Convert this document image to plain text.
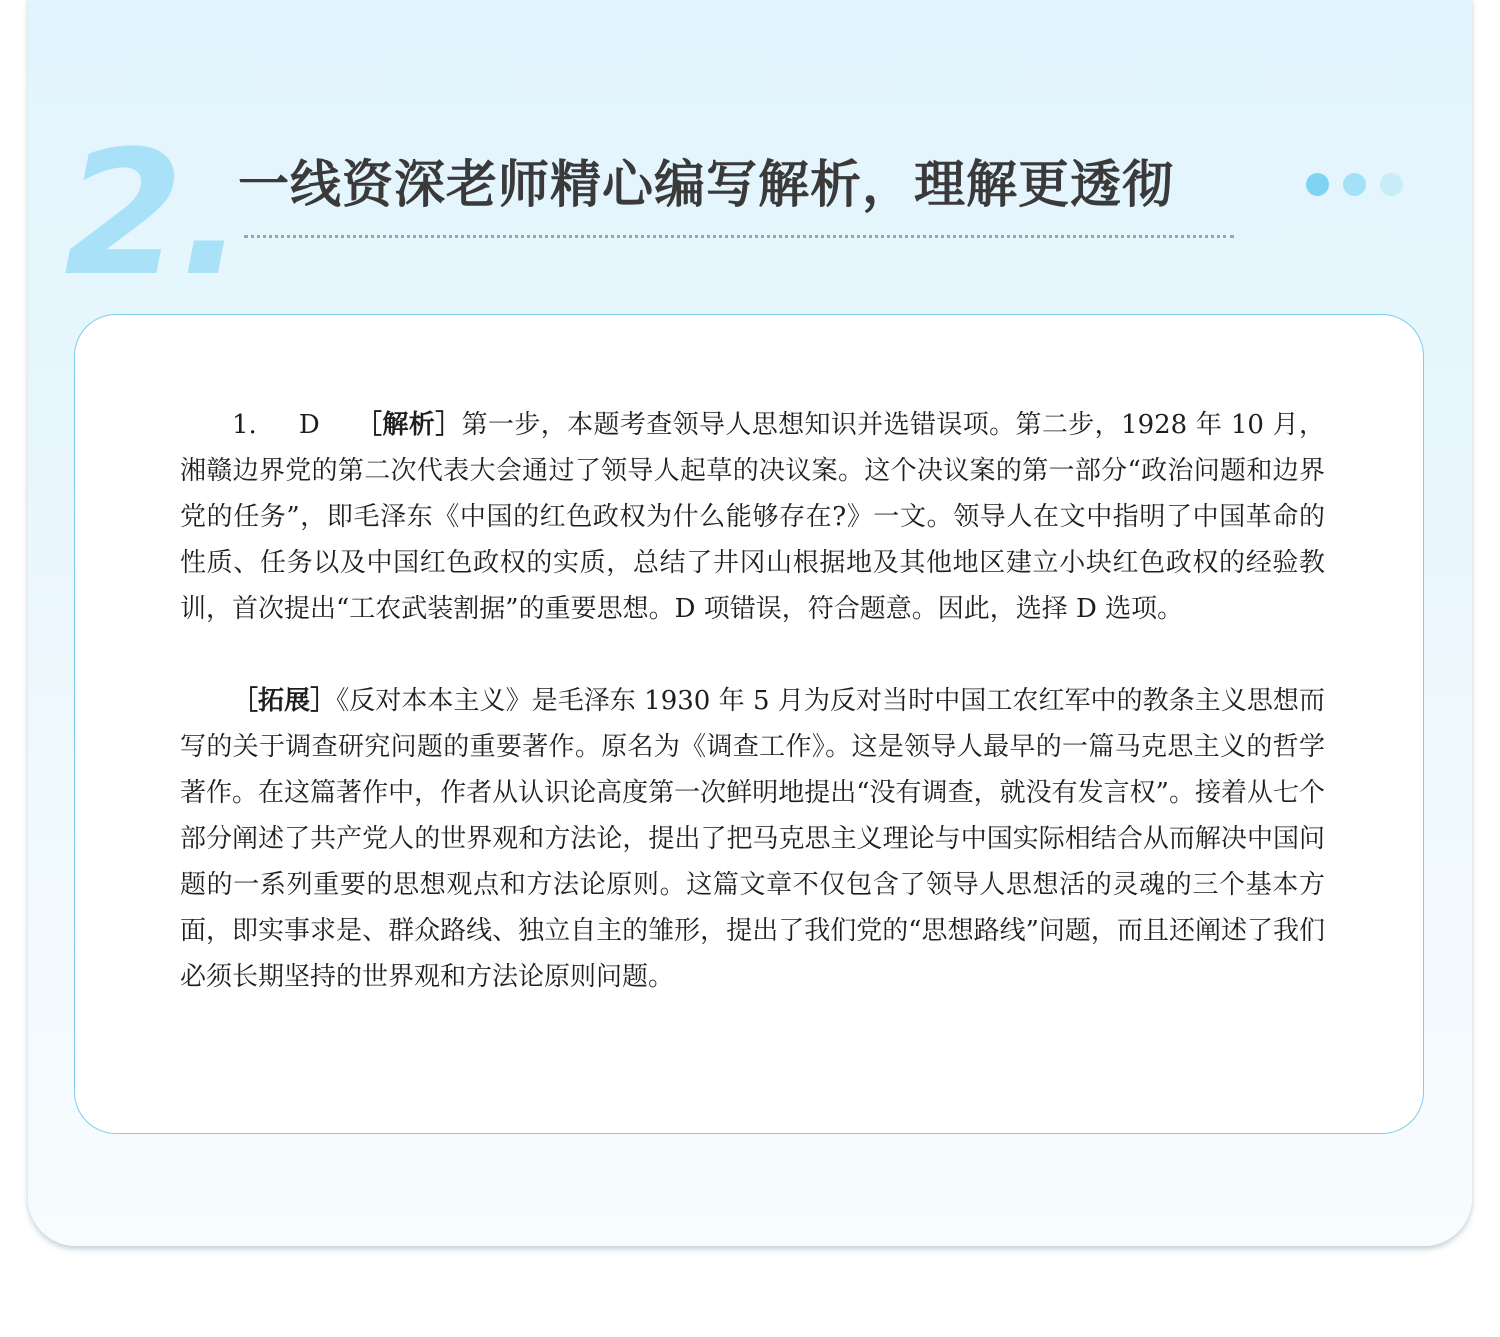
2.
一线资深老师精心编写解析，理解更透彻

1. D ［解析］第一步，本题考查领导人思想知识并选错误项。第二步，1928 年 10 月，湘赣边界党的第二次代表大会通过了领导人起草的决议案。这个决议案的第一部分“政治问题和边界党的任务”，即毛泽东《中国的红色政权为什么能够存在?》一文。领导人在文中指明了中国革命的性质、任务以及中国红色政权的实质，总结了井冈山根据地及其他地区建立小块红色政权的经验教训，首次提出“工农武装割据”的重要思想。D 项错误，符合题意。因此，选择 D 选项。

［拓展］《反对本本主义》是毛泽东 1930 年 5 月为反对当时中国工农红军中的教条主义思想而写的关于调查研究问题的重要著作。原名为《调查工作》。这是领导人最早的一篇马克思主义的哲学著作。在这篇著作中，作者从认识论高度第一次鲜明地提出“没有调查，就没有发言权”。接着从七个部分阐述了共产党人的世界观和方法论，提出了把马克思主义理论与中国实际相结合从而解决中国问题的一系列重要的思想观点和方法论原则。这篇文章不仅包含了领导人思想活的灵魂的三个基本方面，即实事求是、群众路线、独立自主的雏形，提出了我们党的“思想路线”问题，而且还阐述了我们必须长期坚持的世界观和方法论原则问题。
